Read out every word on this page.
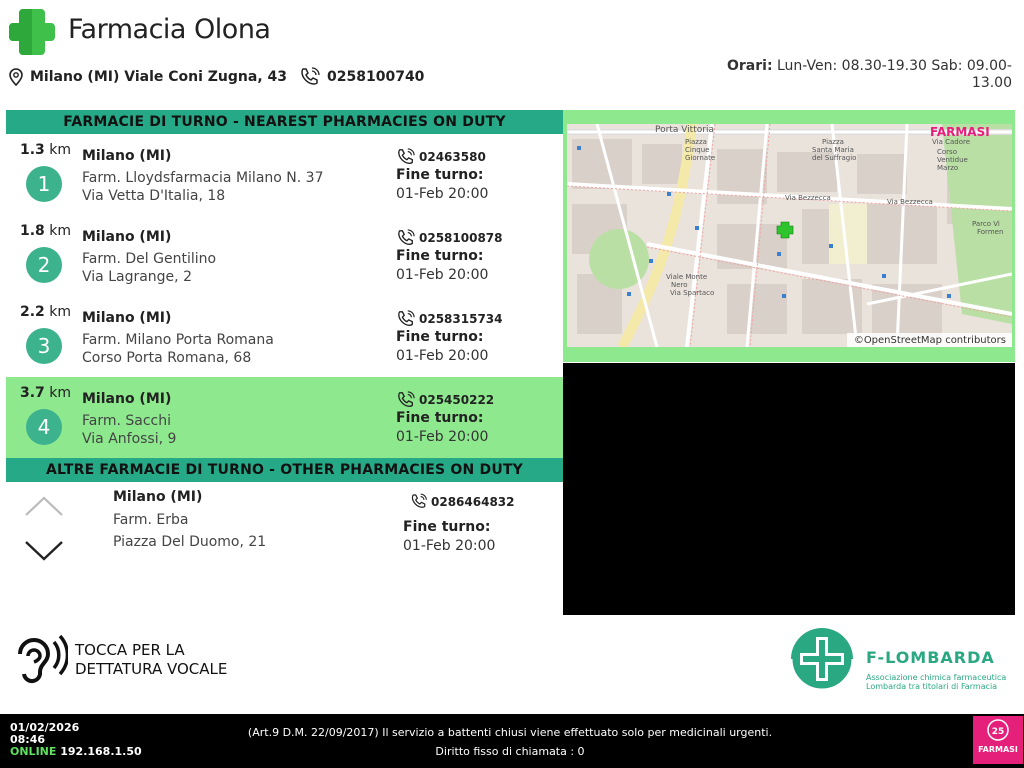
Farmacia Olona
Milano (MI) Viale Coni Zugna, 43	0258100740
Orari: Lun-Ven: 08.30-19.30 Sab: 09.00-13.00
FARMACIE DI TURNO - NEAREST PHARMACIES ON DUTY
1.3 km
1
Milano (MI)
Farm. Lloydsfarmacia Milano N. 37
Via Vetta D'Italia, 18
02463580
Fine turno:
01-Feb 20:00
1.8 km
2
Milano (MI)
Farm. Del Gentilino
Via Lagrange, 2
0258100878
Fine turno:
01-Feb 20:00
2.2 km
3
Milano (MI)
Farm. Milano Porta Romana
Corso Porta Romana, 68
0258315734
Fine turno:
01-Feb 20:00
3.7 km
4
Milano (MI)
Farm. Sacchi
Via Anfossi, 9
025450222
Fine turno:
01-Feb 20:00
ALTRE FARMACIE DI TURNO - OTHER PHARMACIES ON DUTY
Milano (MI)
Farm. Erba
Piazza Del Duomo, 21
0286464832
Fine turno:
01-Feb 20:00
Porta Vittoria
Piazza
Cinque
Giornate
Piazza
Santa Maria
del Suffragio
Via Cadore
Corso
Ventidue
Marzo
Via Bezzecca	Via Bezzecca
Viale Monte
Nero
Via Spartaco
Parco Vi
Formen
FARMASI
©OpenStreetMap contributors
TOCCA PER LA
DETTATURA VOCALE
F-LOMBARDA
Associazione chimica farmaceutica
Lombarda tra titolari di Farmacia
01/02/2026
08:46
ONLINE 192.168.1.50
(Art.9 D.M. 22/09/2017) Il servizio a battenti chiusi viene effettuato solo per medicinali urgenti.
Diritto fisso di chiamata : 0
25
FARMASI
